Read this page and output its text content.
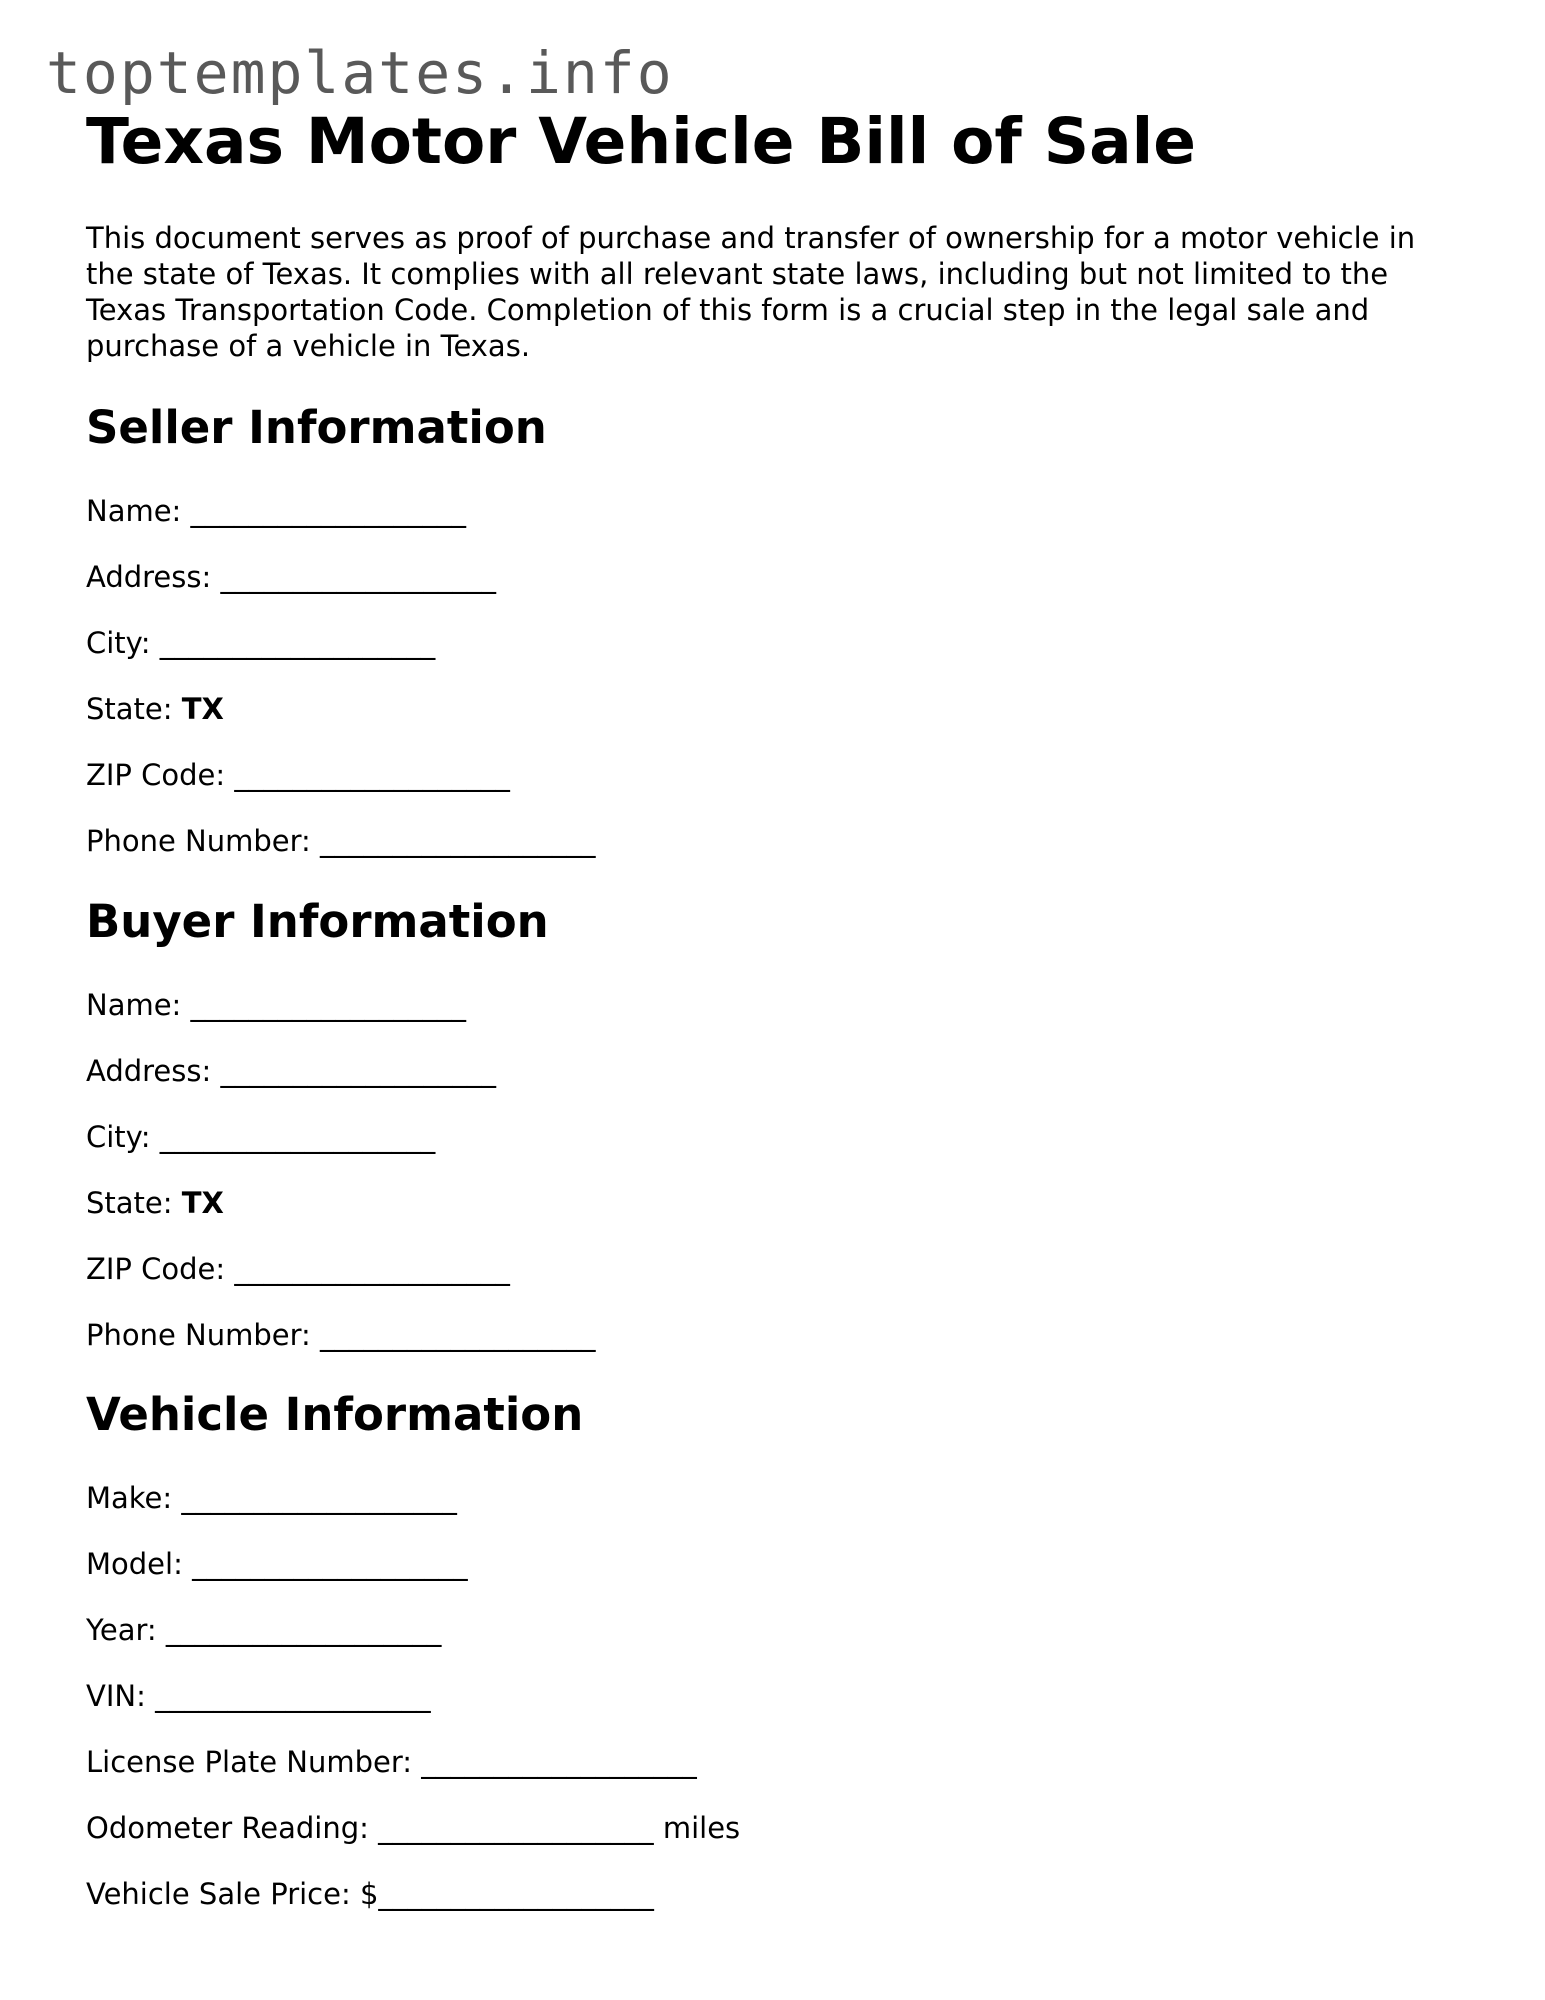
toptemplates.info
Texas Motor Vehicle Bill of Sale

This document serves as proof of purchase and transfer of ownership for a motor vehicle in the state of Texas. It complies with all relevant state laws, including but not limited to the Texas Transportation Code. Completion of this form is a crucial step in the legal sale and purchase of a vehicle in Texas.

Seller Information
Name: ___________________
Address: ___________________
City: ___________________
State: TX
ZIP Code: ___________________
Phone Number: ___________________
Buyer Information
Name: ___________________
Address: ___________________
City: ___________________
State: TX
ZIP Code: ___________________
Phone Number: ___________________
Vehicle Information
Make: ___________________
Model: ___________________
Year: ___________________
VIN: ___________________
License Plate Number: ___________________
Odometer Reading: ___________________ miles
Vehicle Sale Price: $___________________
